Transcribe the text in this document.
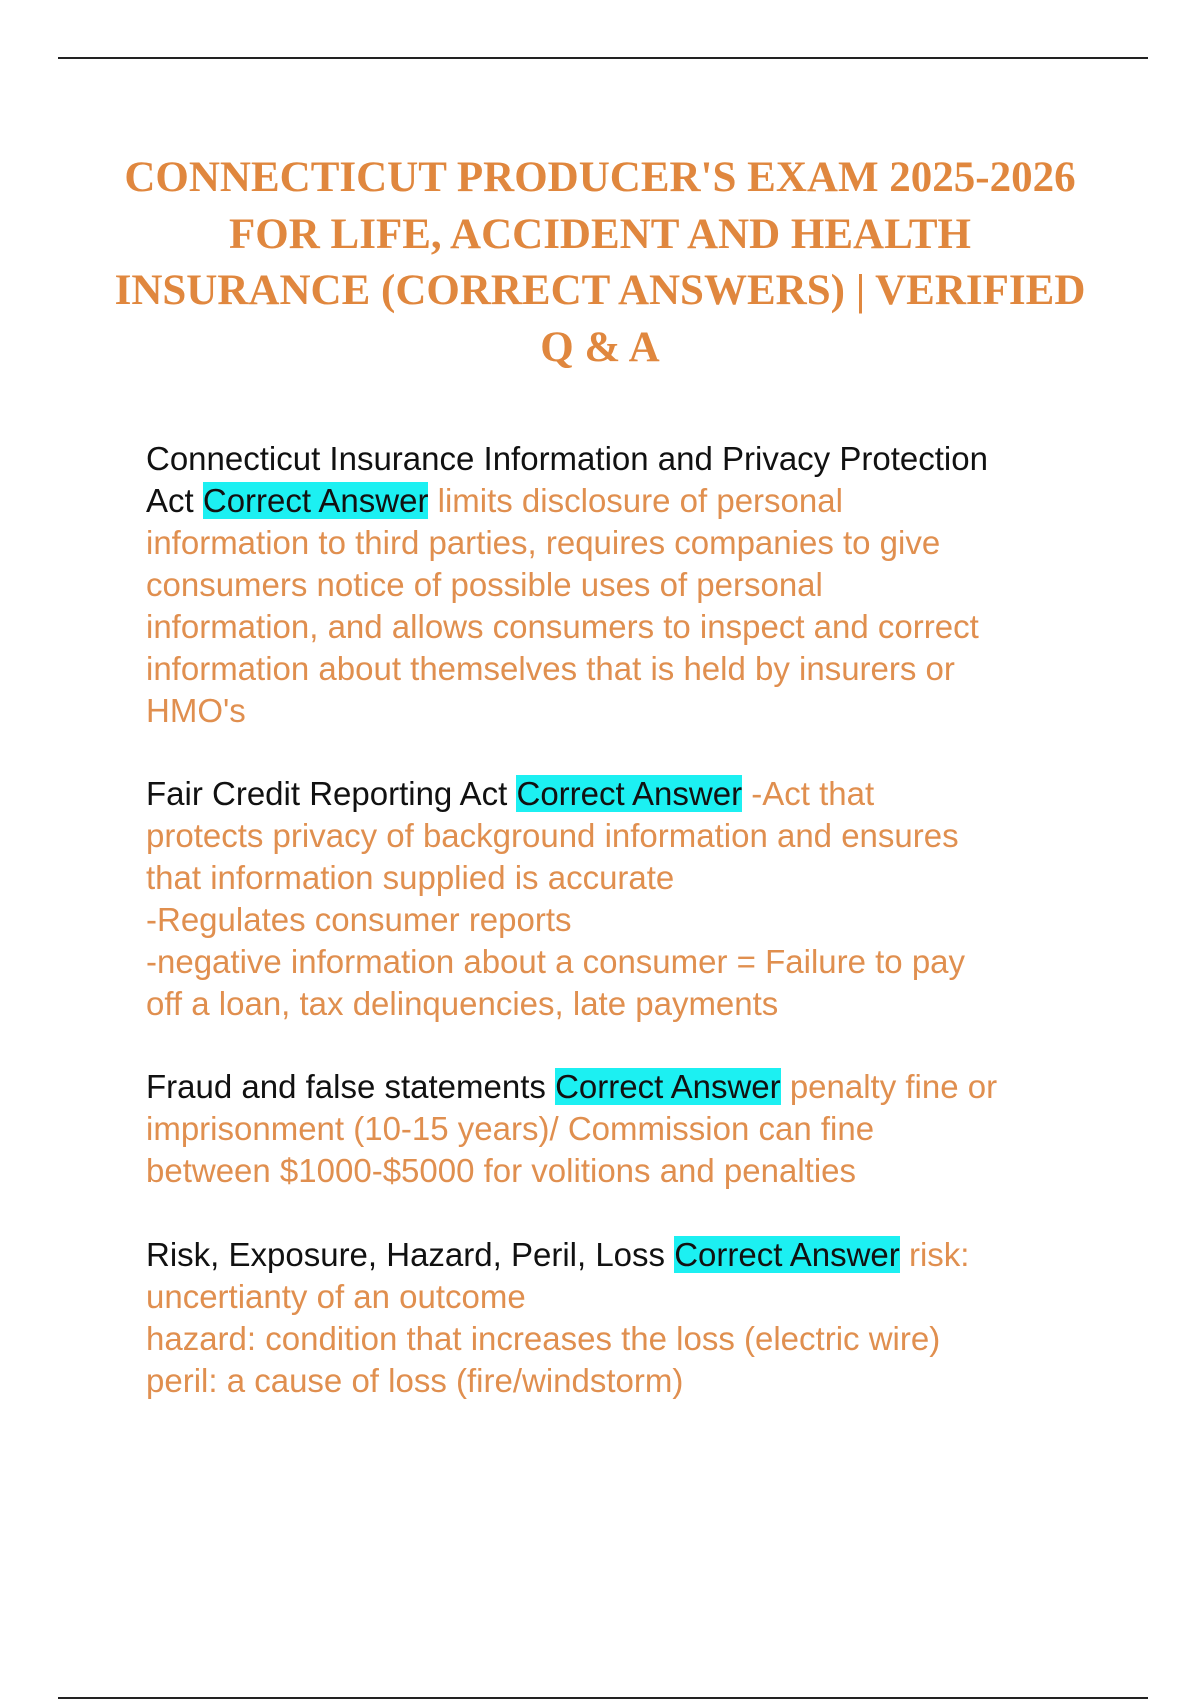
CONNECTICUT PRODUCER'S EXAM 2025-2026 FOR LIFE, ACCIDENT AND HEALTH INSURANCE (CORRECT ANSWERS) | VERIFIED Q & A
Connecticut Insurance Information and Privacy Protection
Act Correct Answer limits disclosure of personal
information to third parties, requires companies to give
consumers notice of possible uses of personal
information, and allows consumers to inspect and correct
information about themselves that is held by insurers or
HMO's
Fair Credit Reporting Act Correct Answer -Act that
protects privacy of background information and ensures
that information supplied is accurate
-Regulates consumer reports
-negative information about a consumer = Failure to pay
off a loan, tax delinquencies, late payments
Fraud and false statements Correct Answer penalty fine or
imprisonment (10-15 years)/ Commission can fine
between $1000-$5000 for volitions and penalties
Risk, Exposure, Hazard, Peril, Loss Correct Answer risk:
uncertianty of an outcome
hazard: condition that increases the loss (electric wire)
peril: a cause of loss (fire/windstorm)
